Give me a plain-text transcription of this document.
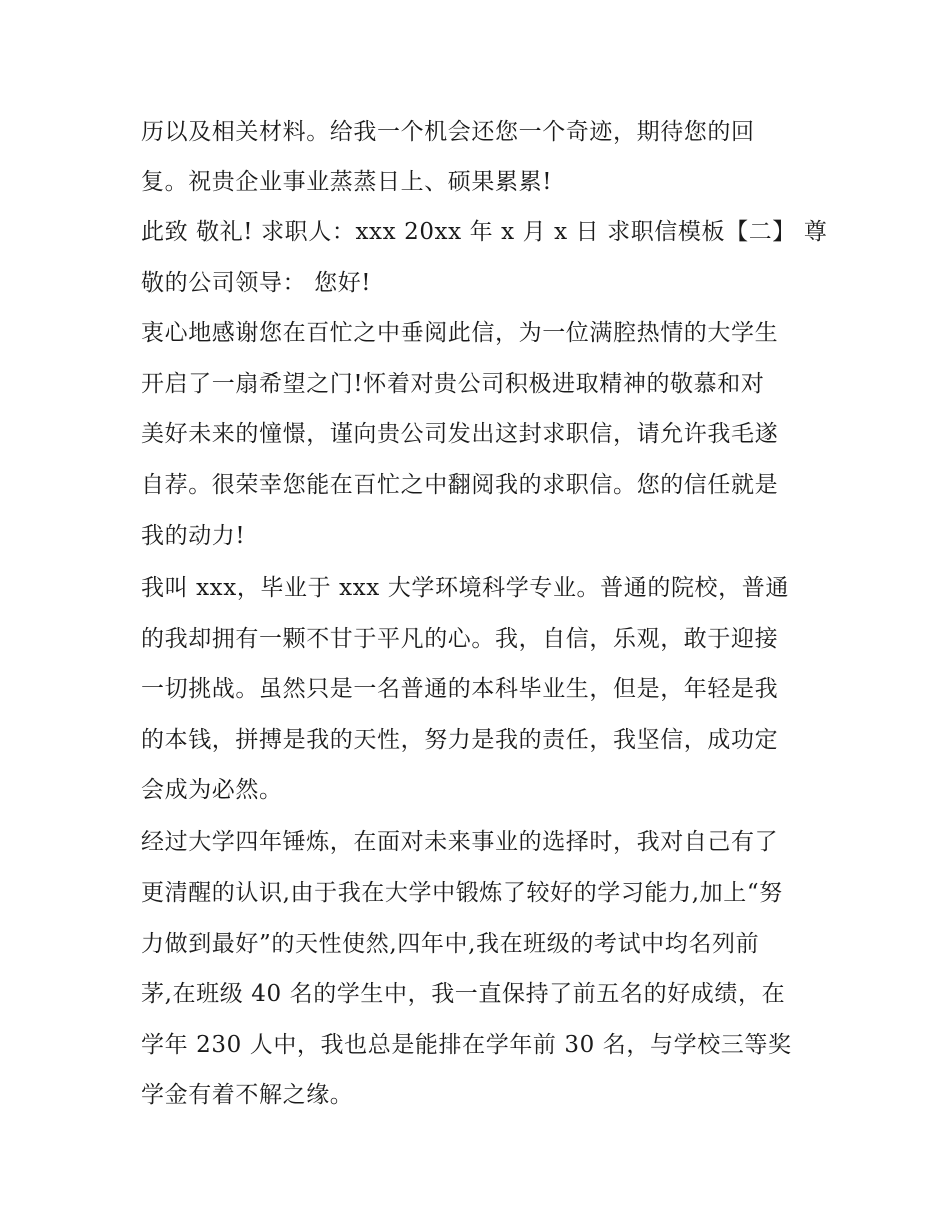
历以及相关材料。给我一个机会还您一个奇迹，期待您的回
复。祝贵企业事业蒸蒸日上、硕果累累!
此致 敬礼! 求职人：xxx 20xx 年 x 月 x 日 求职信模板【二】 尊
敬的公司领导： 您好!
衷心地感谢您在百忙之中垂阅此信，为一位满腔热情的大学生
开启了一扇希望之门!怀着对贵公司积极进取精神的敬慕和对
美好未来的憧憬，谨向贵公司发出这封求职信，请允许我毛遂
自荐。很荣幸您能在百忙之中翻阅我的求职信。您的信任就是
我的动力!
我叫 xxx，毕业于 xxx 大学环境科学专业。普通的院校，普通
的我却拥有一颗不甘于平凡的心。我，自信，乐观，敢于迎接
一切挑战。虽然只是一名普通的本科毕业生，但是，年轻是我
的本钱，拼搏是我的天性，努力是我的责任，我坚信，成功定
会成为必然。
经过大学四年锤炼，在面对未来事业的选择时，我对自己有了
更清醒的认识,由于我在大学中锻炼了较好的学习能力,加上“努
力做到最好”的天性使然,四年中,我在班级的考试中均名列前
茅,在班级 40 名的学生中，我一直保持了前五名的好成绩，在
学年 230 人中，我也总是能排在学年前 30 名，与学校三等奖
学金有着不解之缘。
